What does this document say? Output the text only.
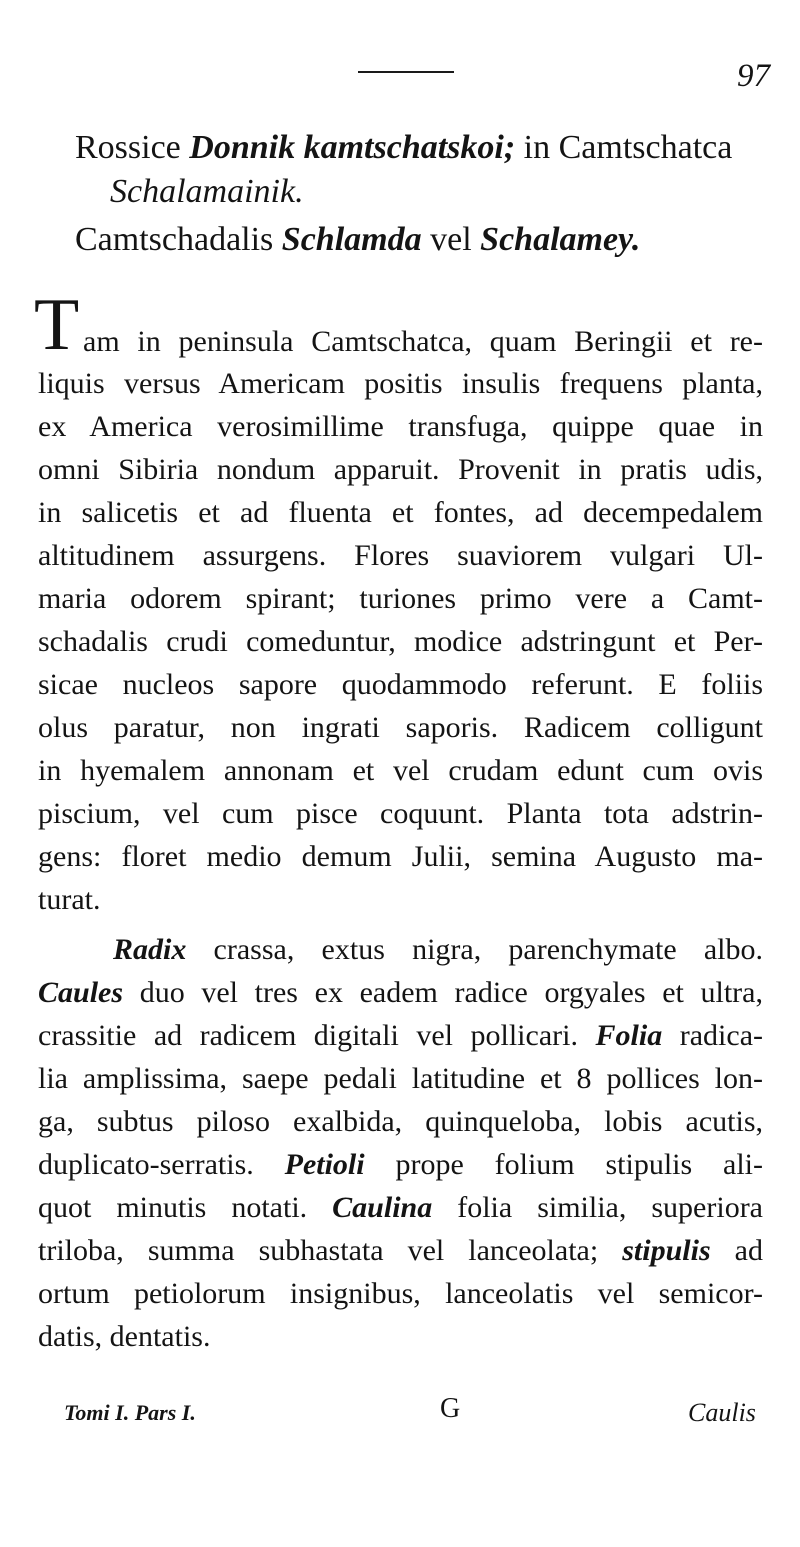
97
Rossice Donnik kamtschatskoi; in Camtschatca
Schalamainik.
Camtschadalis Schlamda vel Schalamey.
T am in peninsula Camtschatca, quam Beringii et re-
liquis versus Americam positis insulis frequens planta,
ex America verosimillime transfuga, quippe quae in
omni Sibiria nondum apparuit. Provenit in pratis udis,
in salicetis et ad fluenta et fontes, ad decempedalem
altitudinem assurgens. Flores suaviorem vulgari Ul-
maria odorem spirant; turiones primo vere a Camt-
schadalis crudi comeduntur, modice adstringunt et Per-
sicae nucleos sapore quodammodo referunt. E foliis
olus paratur, non ingrati saporis. Radicem colligunt
in hyemalem annonam et vel crudam edunt cum ovis
piscium, vel cum pisce coquunt. Planta tota adstrin-
gens: floret medio demum Julii, semina Augusto ma-
turat.
Radix crassa, extus nigra, parenchymate albo.
Caules duo vel tres ex eadem radice orgyales et ultra,
crassitie ad radicem digitali vel pollicari. Folia radica-
lia amplissima, saepe pedali latitudine et 8 pollices lon-
ga, subtus piloso exalbida, quinqueloba, lobis acutis,
duplicato-serratis. Petioli prope folium stipulis ali-
quot minutis notati. Caulina folia similia, superiora
triloba, summa subhastata vel lanceolata; stipulis ad
ortum petiolorum insignibus, lanceolatis vel semicor-
datis, dentatis.
Tomi I. Pars I.	G	Caulis
